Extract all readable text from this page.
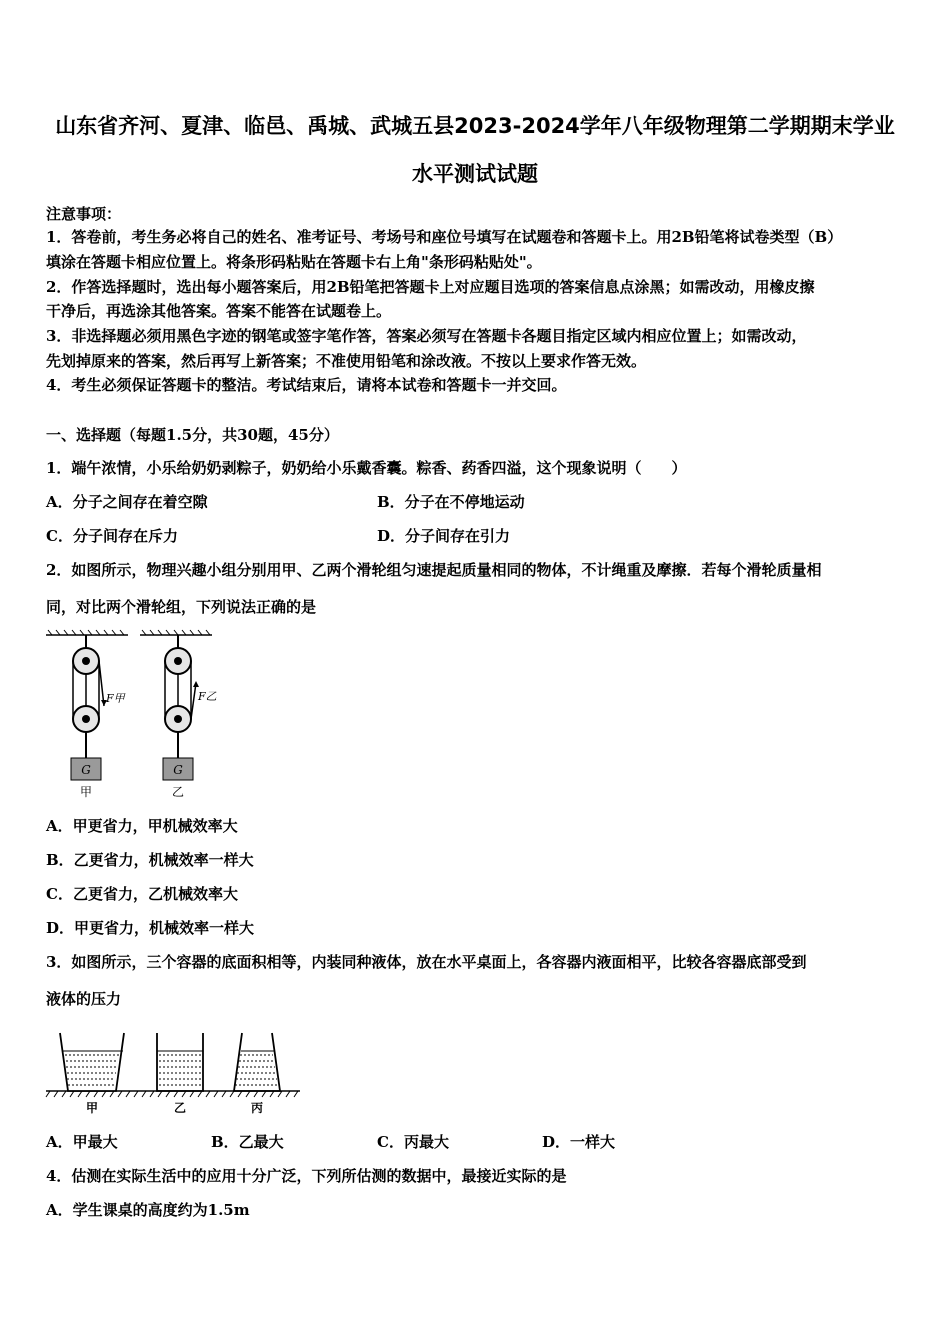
山东省齐河、夏津、临邑、禹城、武城五县2023-2024学年八年级物理第二学期期末学业
水平测试试题
注意事项：
1．答卷前，考生务必将自己的姓名、准考证号、考场号和座位号填写在试题卷和答题卡上。用2B铅笔将试卷类型（B）
填涂在答题卡相应位置上。将条形码粘贴在答题卡右上角"条形码粘贴处"。
2．作答选择题时，选出每小题答案后，用2B铅笔把答题卡上对应题目选项的答案信息点涂黑；如需改动，用橡皮擦
干净后，再选涂其他答案。答案不能答在试题卷上。
3．非选择题必须用黑色字迹的钢笔或签字笔作答，答案必须写在答题卡各题目指定区域内相应位置上；如需改动，
先划掉原来的答案，然后再写上新答案；不准使用铅笔和涂改液。不按以上要求作答无效。
4．考生必须保证答题卡的整洁。考试结束后，请将本试卷和答题卡一并交回。
一、选择题（每题1.5分，共30题，45分）
1．端午浓情，小乐给奶奶剥粽子，奶奶给小乐戴香囊。粽香、药香四溢，这个现象说明（　　）
A．分子之间存在着空隙	B．分子在不停地运动
C．分子间存在斥力	D．分子间存在引力
2．如图所示，物理兴趣小组分别用甲、乙两个滑轮组匀速提起质量相同的物体，不计绳重及摩擦．若每个滑轮质量相
同，对比两个滑轮组，下列说法正确的是
G
F甲
甲
G
F乙
乙
A．甲更省力，甲机械效率大
B．乙更省力，机械效率一样大
C．乙更省力，乙机械效率大
D．甲更省力，机械效率一样大
3．如图所示，三个容器的底面积相等，内装同种液体，放在水平桌面上，各容器内液面相平，比较各容器底部受到
液体的压力
甲	乙	丙
A．甲最大	B．乙最大	C．丙最大	D．一样大
4．估测在实际生活中的应用十分广泛，下列所估测的数据中，最接近实际的是
A．学生课桌的高度约为1.5m
